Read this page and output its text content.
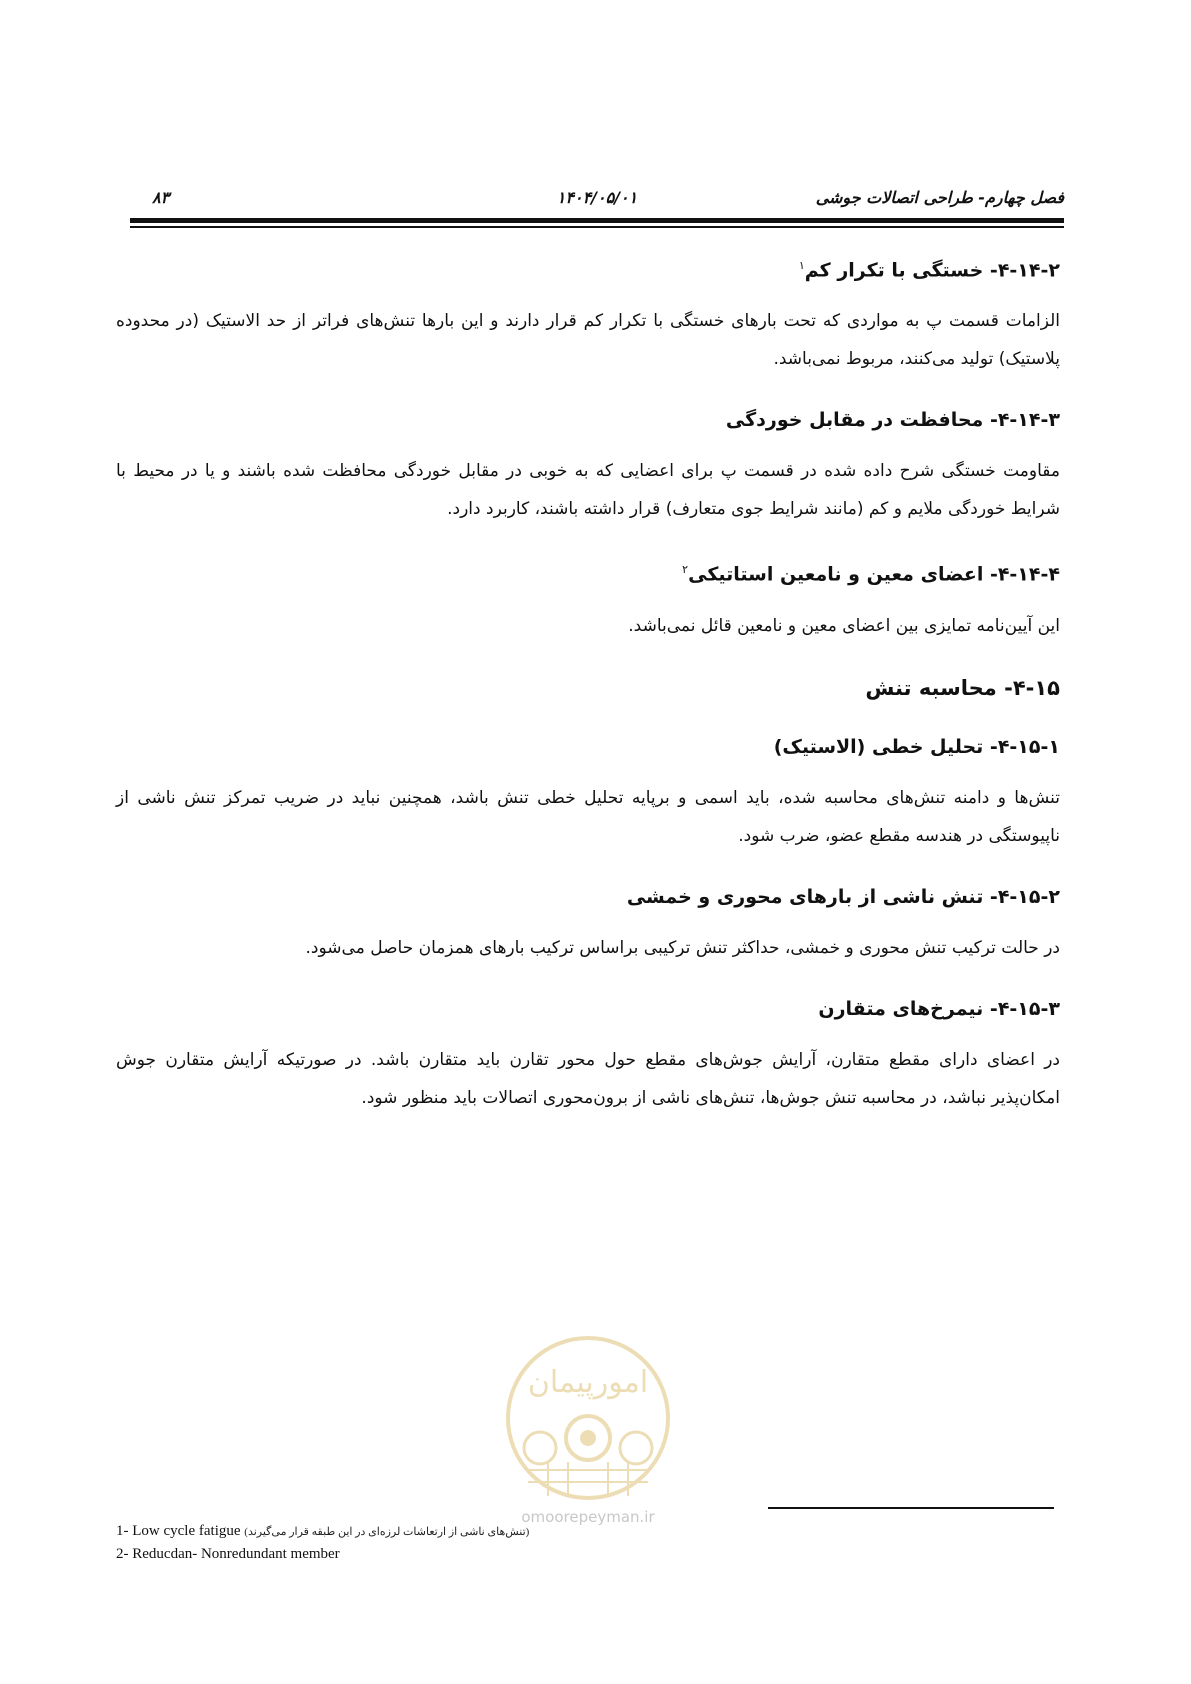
فصل چهارم- طراحی اتصالات جوشی
۱۴۰۴/۰۵/۰۱
۸۳
۴-۱۴-۲- خستگی با تکرار کم$^۱$

الزامات قسمت پ به مواردی که تحت بارهای خستگی با تکرار کم قرار دارند و این بارها تنش‌های فراتر از حد الاستیک (در محدوده پلاستیک) تولید می‌کنند، مربوط نمی‌باشد.

۴-۱۴-۳- محافظت در مقابل خوردگی

مقاومت خستگی شرح داده شده در قسمت پ برای اعضایی که به خوبی در مقابل خوردگی محافظت شده باشند و یا در محیط با شرایط خوردگی ملایم و کم (مانند شرایط جوی متعارف) قرار داشته باشند، کاربرد دارد.

۴-۱۴-۴- اعضای معین و نامعین استاتیکی$^۲$

این آیین‌نامه تمایزی بین اعضای معین و نامعین قائل نمی‌باشد.

۴-۱۵- محاسبه تنش
۴-۱۵-۱- تحلیل خطی (الاستیک)

تنش‌ها و دامنه تنش‌های محاسبه شده، باید اسمی و برپایه تحلیل خطی تنش باشد، همچنین نباید در ضریب تمرکز تنش ناشی از ناپیوستگی در هندسه مقطع عضو، ضرب شود.

۴-۱۵-۲- تنش ناشی از بارهای محوری و خمشی

در حالت ترکیب تنش محوری و خمشی، حداکثر تنش ترکیبی براساس ترکیب بارهای همزمان حاصل می‌شود.

۴-۱۵-۳- نیمرخ‌های متقارن

در اعضای دارای مقطع متقارن، آرایش جوش‌های مقطع حول محور تقارن باید متقارن باشد. در صورتیکه آرایش متقارن جوش امکان‌پذیر نباشد، در محاسبه تنش جوش‌ها، تنش‌های ناشی از برون‌محوری اتصالات باید منظور شود.

امورپیمان
omoorepeyman.ir
1- Low cycle fatigue (تنش‌های ناشی از ارتعاشات لرزه‌ای در این طبقه قرار می‌گیرند)
2- Reducdan- Nonredundant member
